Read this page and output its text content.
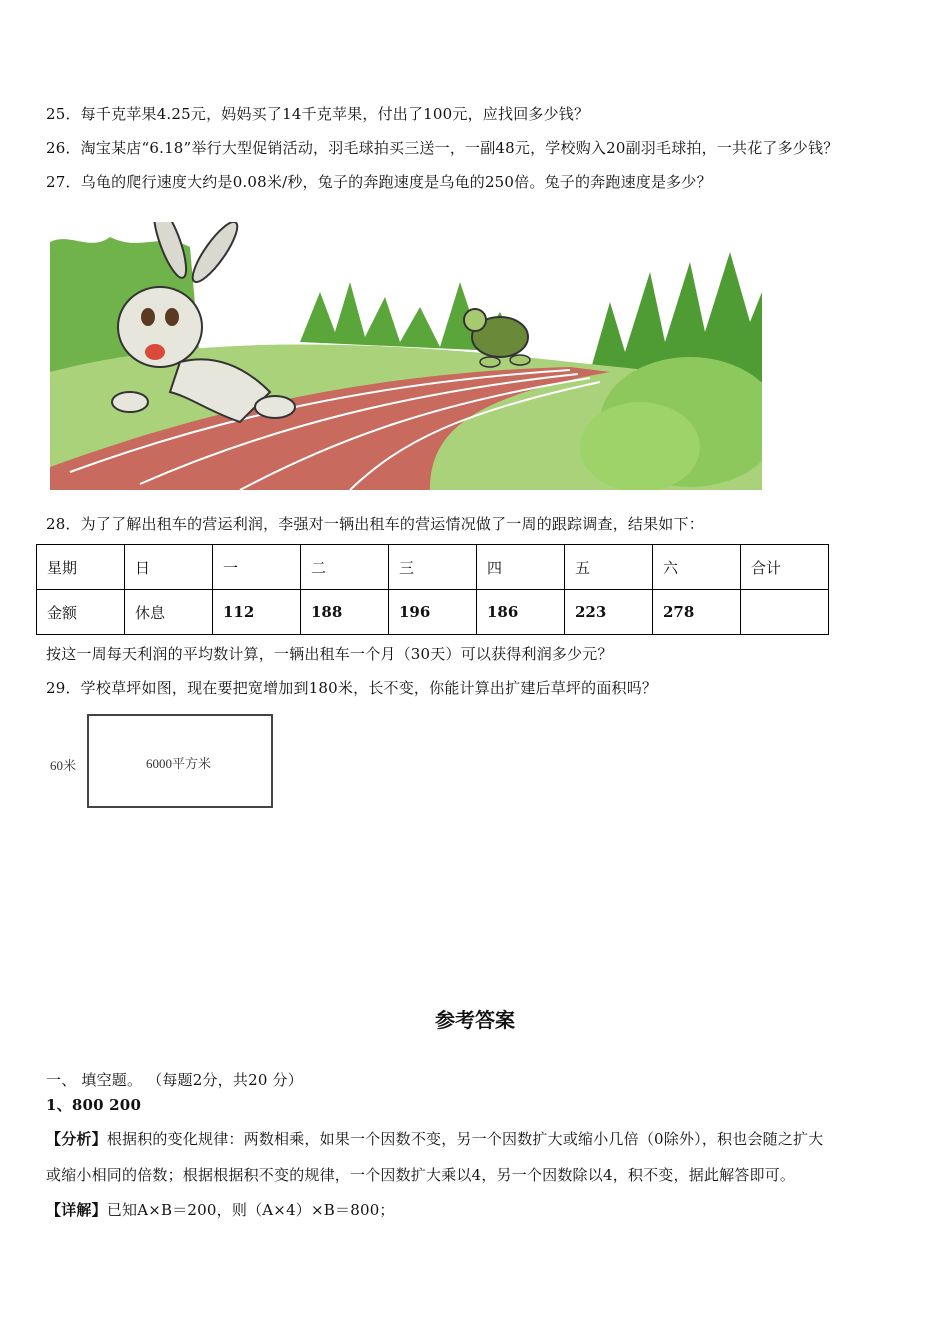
25．每千克苹果4.25元，妈妈买了14千克苹果，付出了100元，应找回多少钱？
26．淘宝某店“6.18”举行大型促销活动，羽毛球拍买三送一，一副48元，学校购入20副羽毛球拍，一共花了多少钱？
27．乌龟的爬行速度大约是0.08米/秒，兔子的奔跑速度是乌龟的250倍。兔子的奔跑速度是多少？
28．为了了解出租车的营运利润，李强对一辆出租车的营运情况做了一周的跟踪调查，结果如下：
星期	日	一	二	三	四	五	六	合计
金额	休息	112	188	196	186	223	278	
按这一周每天利润的平均数计算，一辆出租车一个月（30天）可以获得利润多少元？
29．学校草坪如图，现在要把宽增加到180米，长不变，你能计算出扩建后草坪的面积吗？
60米	6000平方米
参考答案
一、 填空题。 （每题2分，共20 分）
1、800 200
【分析】根据积的变化规律：两数相乘，如果一个因数不变，另一个因数扩大或缩小几倍（0除外），积也会随之扩大
或缩小相同的倍数；根据根据积不变的规律，一个因数扩大乘以4，另一个因数除以4，积不变，据此解答即可。
【详解】已知A×B＝200，则（A×4）×B＝800；
